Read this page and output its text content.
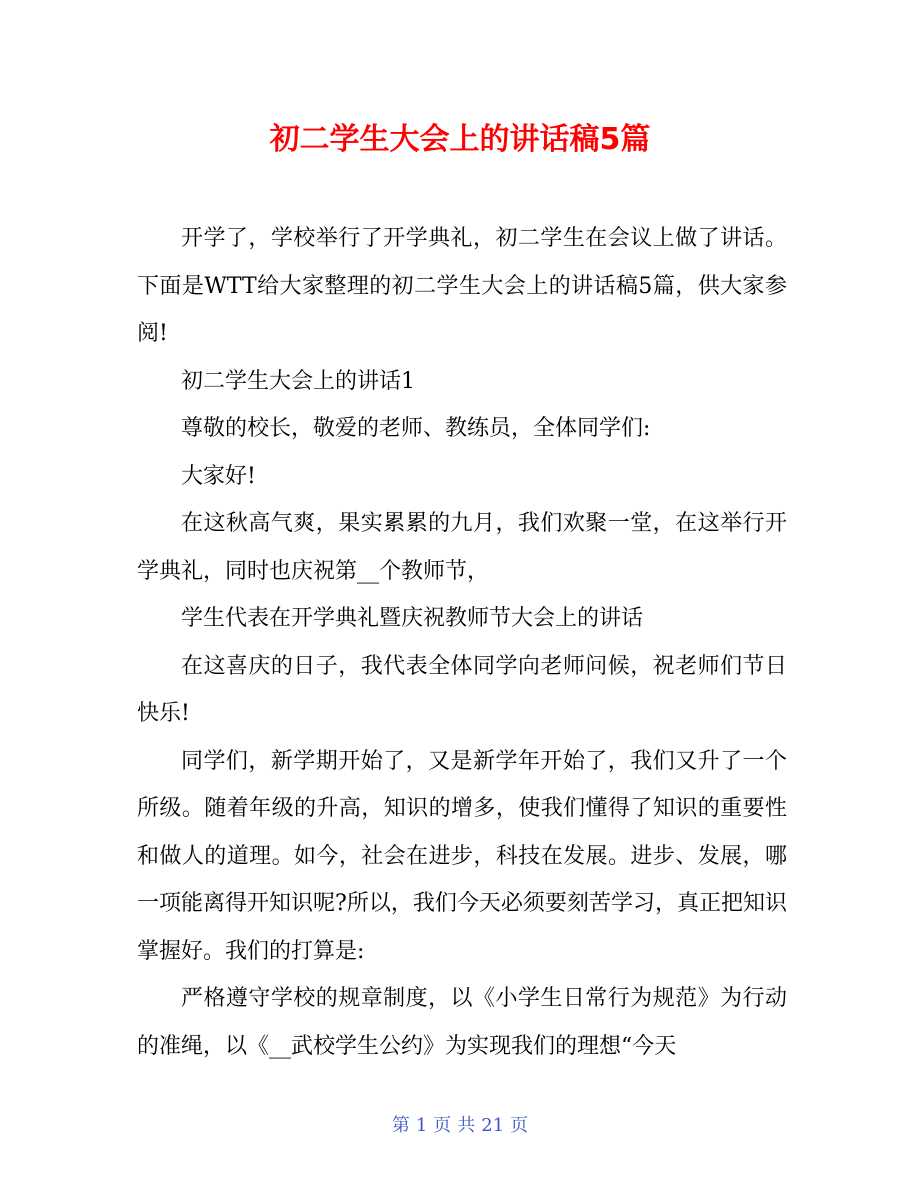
初二学生大会上的讲话稿5篇

开学了，学校举行了开学典礼，初二学生在会议上做了讲话。下面是WTT给大家整理的初二学生大会上的讲话稿5篇，供大家参阅!

初二学生大会上的讲话1

尊敬的校长，敬爱的老师、教练员，全体同学们:

大家好!

在这秋高气爽，果实累累的九月，我们欢聚一堂，在这举行开学典礼，同时也庆祝第__个教师节，

学生代表在开学典礼暨庆祝教师节大会上的讲话

在这喜庆的日子，我代表全体同学向老师问候，祝老师们节日快乐!

同学们，新学期开始了，又是新学年开始了，我们又升了一个所级。随着年级的升高，知识的增多，使我们懂得了知识的重要性和做人的道理。如今，社会在进步，科技在发展。进步、发展，哪一项能离得开知识呢?所以，我们今天必须要刻苦学习，真正把知识掌握好。我们的打算是:

严格遵守学校的规章制度，以《小学生日常行为规范》为行动的准绳，以《__武校学生公约》为实现我们的理想“今天

第 1 页 共 21 页
